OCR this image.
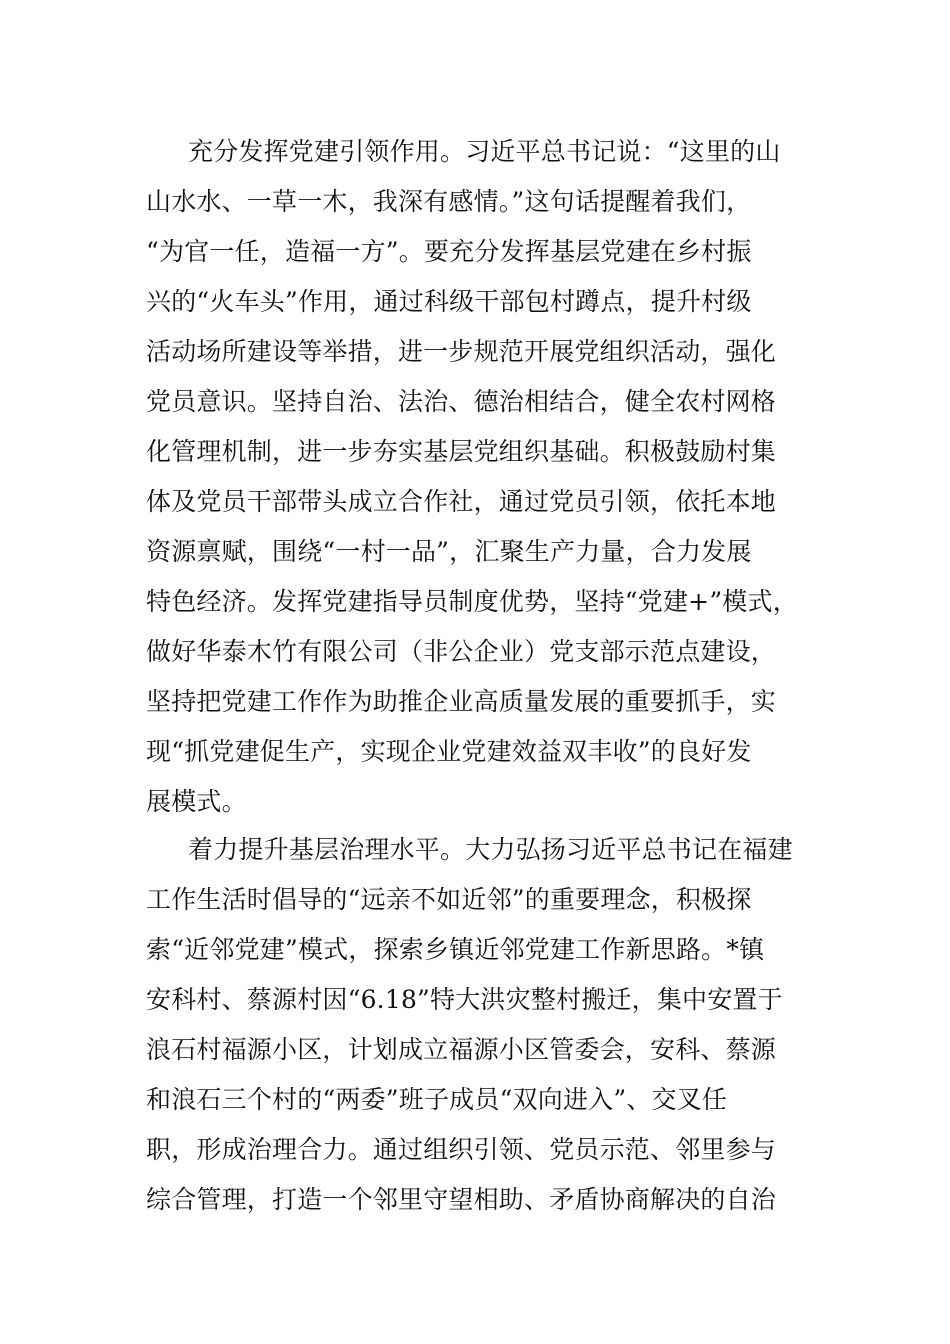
充分发挥党建引领作用。习近平总书记说：“这里的山
山水水、一草一木，我深有感情。”这句话提醒着我们，
“为官一任，造福一方”。要充分发挥基层党建在乡村振
兴的“火车头”作用，通过科级干部包村蹲点，提升村级
活动场所建设等举措，进一步规范开展党组织活动，强化
党员意识。坚持自治、法治、德治相结合，健全农村网格
化管理机制，进一步夯实基层党组织基础。积极鼓励村集
体及党员干部带头成立合作社，通过党员引领，依托本地
资源禀赋，围绕“一村一品”，汇聚生产力量，合力发展
特色经济。发挥党建指导员制度优势，坚持“党建+”模式，
做好华泰木竹有限公司（非公企业）党支部示范点建设，
坚持把党建工作作为助推企业高质量发展的重要抓手，实
现“抓党建促生产，实现企业党建效益双丰收”的良好发
展模式。
着力提升基层治理水平。大力弘扬习近平总书记在福建
工作生活时倡导的“远亲不如近邻”的重要理念，积极探
索“近邻党建”模式，探索乡镇近邻党建工作新思路。*镇
安科村、蔡源村因“6.18”特大洪灾整村搬迁，集中安置于
浪石村福源小区，计划成立福源小区管委会，安科、蔡源
和浪石三个村的“两委”班子成员“双向进入”、交叉任
职，形成治理合力。通过组织引领、党员示范、邻里参与
综合管理，打造一个邻里守望相助、矛盾协商解决的自治
